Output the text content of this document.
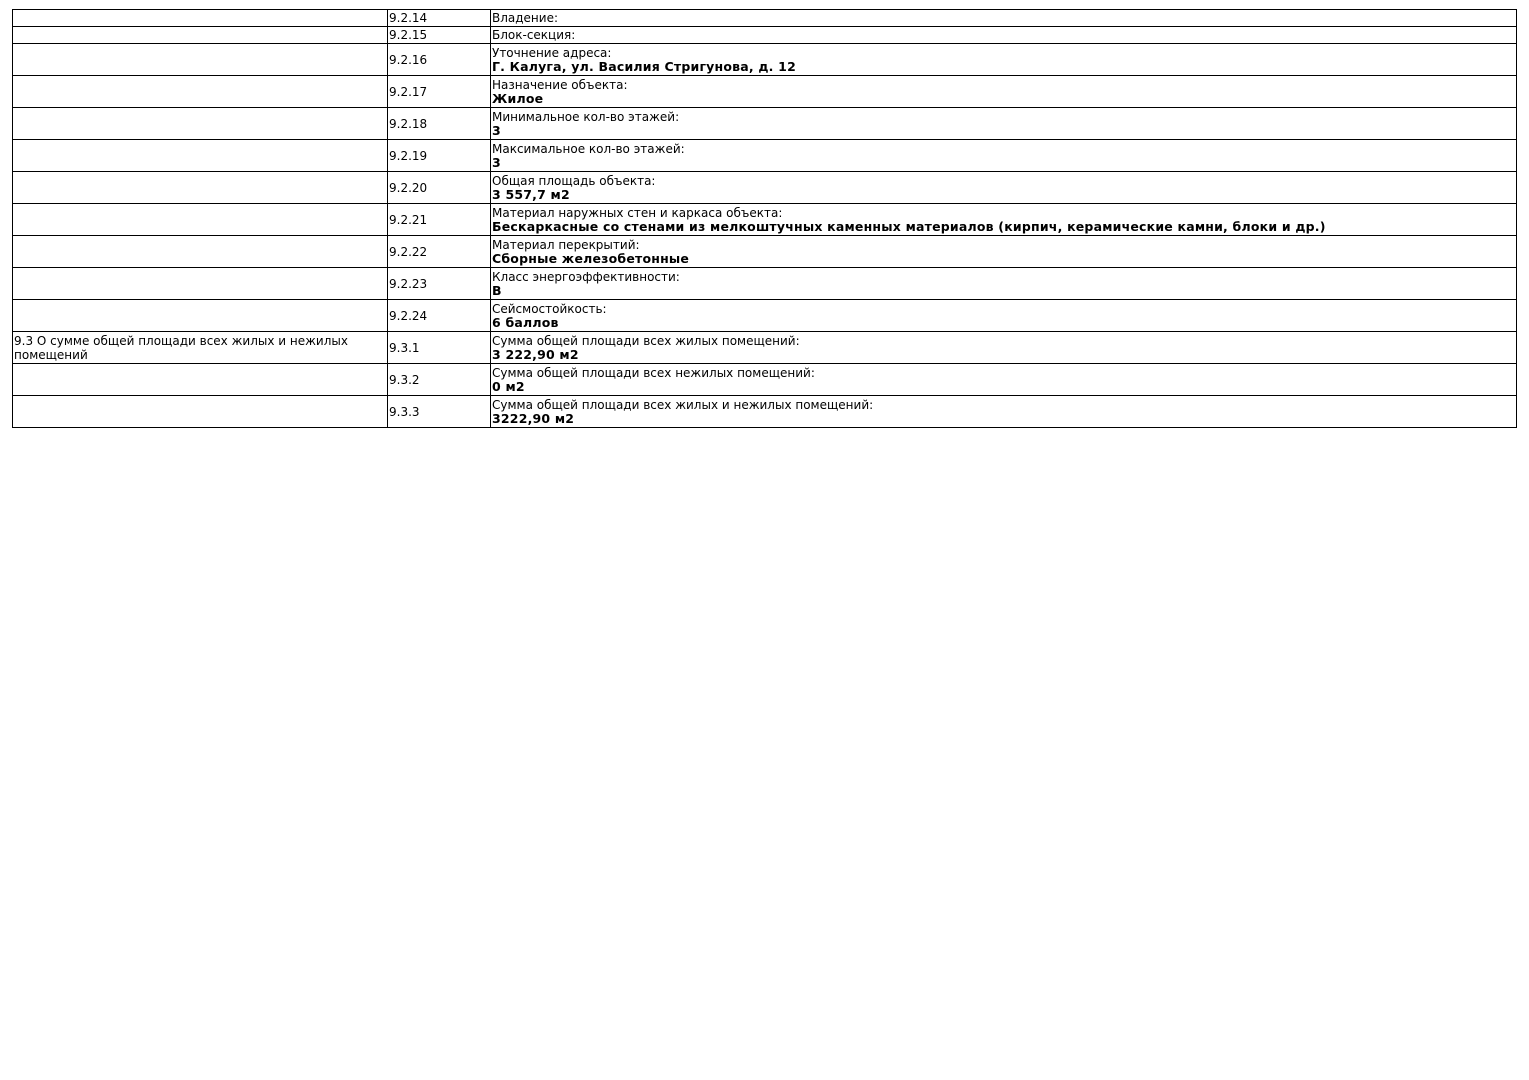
	9.2.14	Владение:

	9.2.15	Блок-секция:

	9.2.16	Уточнение адреса:
Г. Калуга, ул. Василия Стригунова, д. 12

	9.2.17	Назначение объекта:
Жилое

	9.2.18	Минимальное кол-во этажей:
3

	9.2.19	Максимальное кол-во этажей:
3

	9.2.20	Общая площадь объекта:
3 557,7 м2

	9.2.21	Материал наружных стен и каркаса объекта:
Бескаркасные со стенами из мелкоштучных каменных материалов (кирпич, керамические камни, блоки и др.)

	9.2.22	Материал перекрытий:
Сборные железобетонные

	9.2.23	Класс энергоэффективности:
В

	9.2.24	Сейсмостойкость:
6 баллов

9.3 О сумме общей площади всех жилых и нежилых помещений	9.3.1	Сумма общей площади всех жилых помещений:
3 222,90 м2

	9.3.2	Сумма общей площади всех нежилых помещений:
0 м2

	9.3.3	Сумма общей площади всех жилых и нежилых помещений:
3222,90 м2
